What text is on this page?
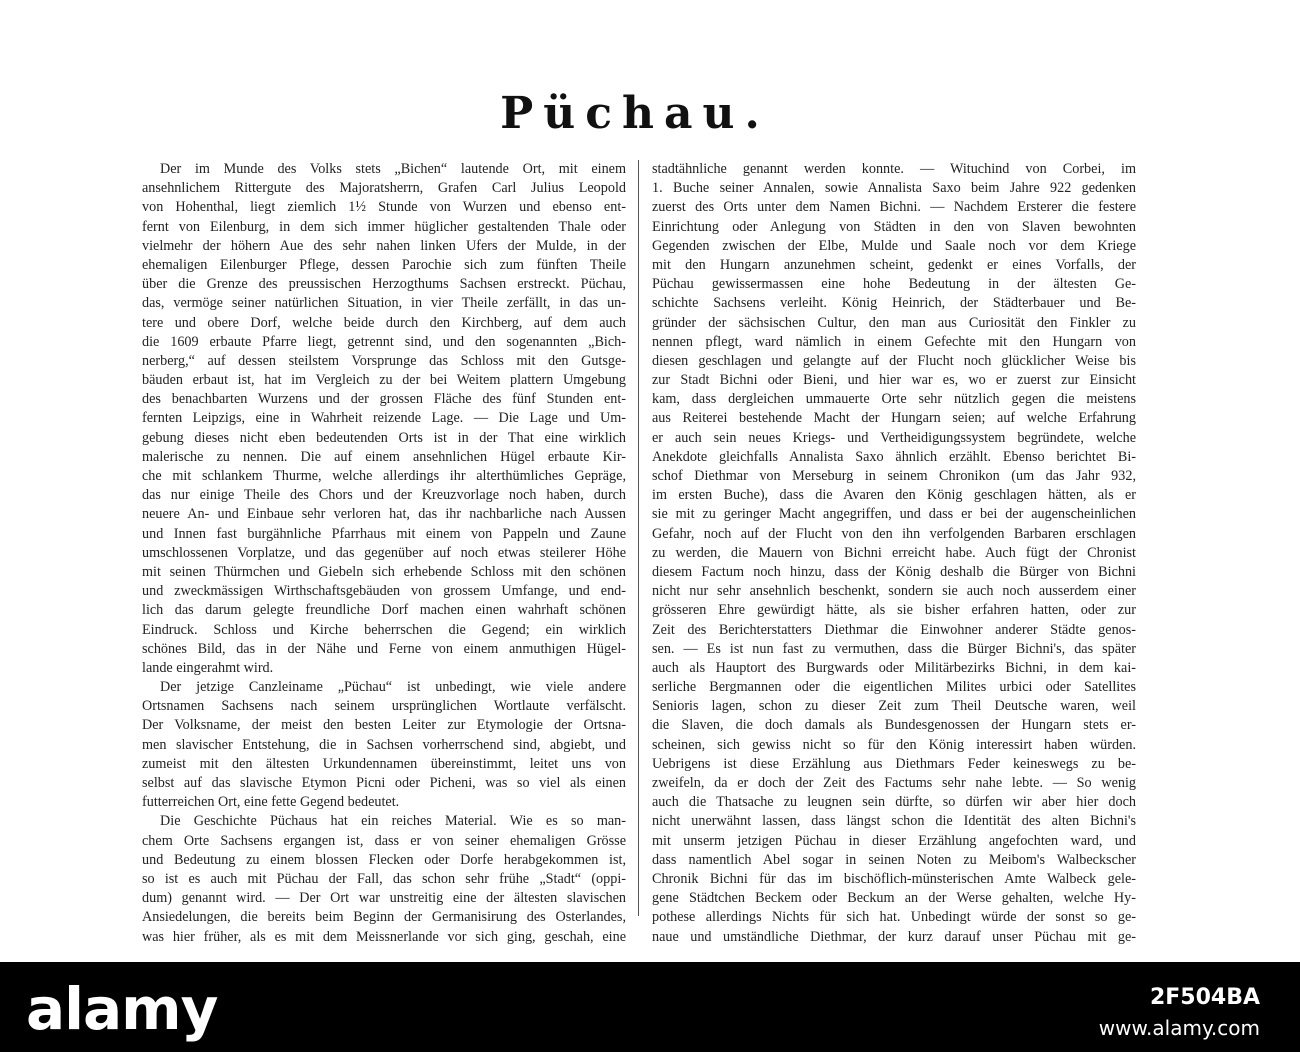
Püchau.
Der im Munde des Volks stets „Bichen“ lautende Ort, mit einem
ansehnlichem Rittergute des Majoratsherrn, Grafen Carl Julius Leopold
von Hohenthal, liegt ziemlich 1½ Stunde von Wurzen und ebenso ent-
fernt von Eilenburg, in dem sich immer hüglicher gestaltenden Thale oder
vielmehr der höhern Aue des sehr nahen linken Ufers der Mulde, in der
ehemaligen Eilenburger Pflege, dessen Parochie sich zum fünften Theile
über die Grenze des preussischen Herzogthums Sachsen erstreckt. Püchau,
das, vermöge seiner natürlichen Situation, in vier Theile zerfällt, in das un-
tere und obere Dorf, welche beide durch den Kirchberg, auf dem auch
die 1609 erbaute Pfarre liegt, getrennt sind, und den sogenannten „Bich-
nerberg,“ auf dessen steilstem Vorsprunge das Schloss mit den Gutsge-
bäuden erbaut ist, hat im Vergleich zu der bei Weitem plattern Umgebung
des benachbarten Wurzens und der grossen Fläche des fünf Stunden ent-
fernten Leipzigs, eine in Wahrheit reizende Lage. — Die Lage und Um-
gebung dieses nicht eben bedeutenden Orts ist in der That eine wirklich
malerische zu nennen. Die auf einem ansehnlichen Hügel erbaute Kir-
che mit schlankem Thurme, welche allerdings ihr alterthümliches Gepräge,
das nur einige Theile des Chors und der Kreuzvorlage noch haben, durch
neuere An- und Einbaue sehr verloren hat, das ihr nachbarliche nach Aussen
und Innen fast burgähnliche Pfarrhaus mit einem von Pappeln und Zaune
umschlossenen Vorplatze, und das gegenüber auf noch etwas steilerer Höhe
mit seinen Thürmchen und Giebeln sich erhebende Schloss mit den schönen
und zweckmässigen Wirthschaftsgebäuden von grossem Umfange, und end-
lich das darum gelegte freundliche Dorf machen einen wahrhaft schönen
Eindruck. Schloss und Kirche beherrschen die Gegend; ein wirklich
schönes Bild, das in der Nähe und Ferne von einem anmuthigen Hügel-
lande eingerahmt wird.
Der jetzige Canzleiname „Püchau“ ist unbedingt, wie viele andere
Ortsnamen Sachsens nach seinem ursprünglichen Wortlaute verfälscht.
Der Volksname, der meist den besten Leiter zur Etymologie der Ortsna-
men slavischer Entstehung, die in Sachsen vorherrschend sind, abgiebt, und
zumeist mit den ältesten Urkundennamen übereinstimmt, leitet uns von
selbst auf das slavische Etymon Picni oder Picheni, was so viel als einen
futterreichen Ort, eine fette Gegend bedeutet.
Die Geschichte Püchaus hat ein reiches Material. Wie es so man-
chem Orte Sachsens ergangen ist, dass er von seiner ehemaligen Grösse
und Bedeutung zu einem blossen Flecken oder Dorfe herabgekommen ist,
so ist es auch mit Püchau der Fall, das schon sehr frühe „Stadt“ (oppi-
dum) genannt wird. — Der Ort war unstreitig eine der ältesten slavischen
Ansiedelungen, die bereits beim Beginn der Germanisirung des Osterlandes,
was hier früher, als es mit dem Meissnerlande vor sich ging, geschah, eine
stadtähnliche genannt werden konnte. — Wituchind von Corbei, im
1. Buche seiner Annalen, sowie Annalista Saxo beim Jahre 922 gedenken
zuerst des Orts unter dem Namen Bichni. — Nachdem Ersterer die festere
Einrichtung oder Anlegung von Städten in den von Slaven bewohnten
Gegenden zwischen der Elbe, Mulde und Saale noch vor dem Kriege
mit den Hungarn anzunehmen scheint, gedenkt er eines Vorfalls, der
Püchau gewissermassen eine hohe Bedeutung in der ältesten Ge-
schichte Sachsens verleiht. König Heinrich, der Städterbauer und Be-
gründer der sächsischen Cultur, den man aus Curiosität den Finkler zu
nennen pflegt, ward nämlich in einem Gefechte mit den Hungarn von
diesen geschlagen und gelangte auf der Flucht noch glücklicher Weise bis
zur Stadt Bichni oder Bieni, und hier war es, wo er zuerst zur Einsicht
kam, dass dergleichen ummauerte Orte sehr nützlich gegen die meistens
aus Reiterei bestehende Macht der Hungarn seien; auf welche Erfahrung
er auch sein neues Kriegs- und Vertheidigungssystem begründete, welche
Anekdote gleichfalls Annalista Saxo ähnlich erzählt. Ebenso berichtet Bi-
schof Diethmar von Merseburg in seinem Chronikon (um das Jahr 932,
im ersten Buche), dass die Avaren den König geschlagen hätten, als er
sie mit zu geringer Macht angegriffen, und dass er bei der augenscheinlichen
Gefahr, noch auf der Flucht von den ihn verfolgenden Barbaren erschlagen
zu werden, die Mauern von Bichni erreicht habe. Auch fügt der Chronist
diesem Factum noch hinzu, dass der König deshalb die Bürger von Bichni
nicht nur sehr ansehnlich beschenkt, sondern sie auch noch ausserdem einer
grösseren Ehre gewürdigt hätte, als sie bisher erfahren hatten, oder zur
Zeit des Berichterstatters Diethmar die Einwohner anderer Städte genos-
sen. — Es ist nun fast zu vermuthen, dass die Bürger Bichni's, das später
auch als Hauptort des Burgwards oder Militärbezirks Bichni, in dem kai-
serliche Bergmannen oder die eigentlichen Milites urbici oder Satellites
Senioris lagen, schon zu dieser Zeit zum Theil Deutsche waren, weil
die Slaven, die doch damals als Bundesgenossen der Hungarn stets er-
scheinen, sich gewiss nicht so für den König interessirt haben würden.
Uebrigens ist diese Erzählung aus Diethmars Feder keineswegs zu be-
zweifeln, da er doch der Zeit des Factums sehr nahe lebte. — So wenig
auch die Thatsache zu leugnen sein dürfte, so dürfen wir aber hier doch
nicht unerwähnt lassen, dass längst schon die Identität des alten Bichni's
mit unserm jetzigen Püchau in dieser Erzählung angefochten ward, und
dass namentlich Abel sogar in seinen Noten zu Meibom's Walbeckscher
Chronik Bichni für das im bischöflich-münsterischen Amte Walbeck gele-
gene Städtchen Beckem oder Beckum an der Werse gehalten, welche Hy-
pothese allerdings Nichts für sich hat. Unbedingt würde der sonst so ge-
naue und umständliche Diethmar, der kurz darauf unser Püchau mit ge-
alamy	2F504BA
www.alamy.com
